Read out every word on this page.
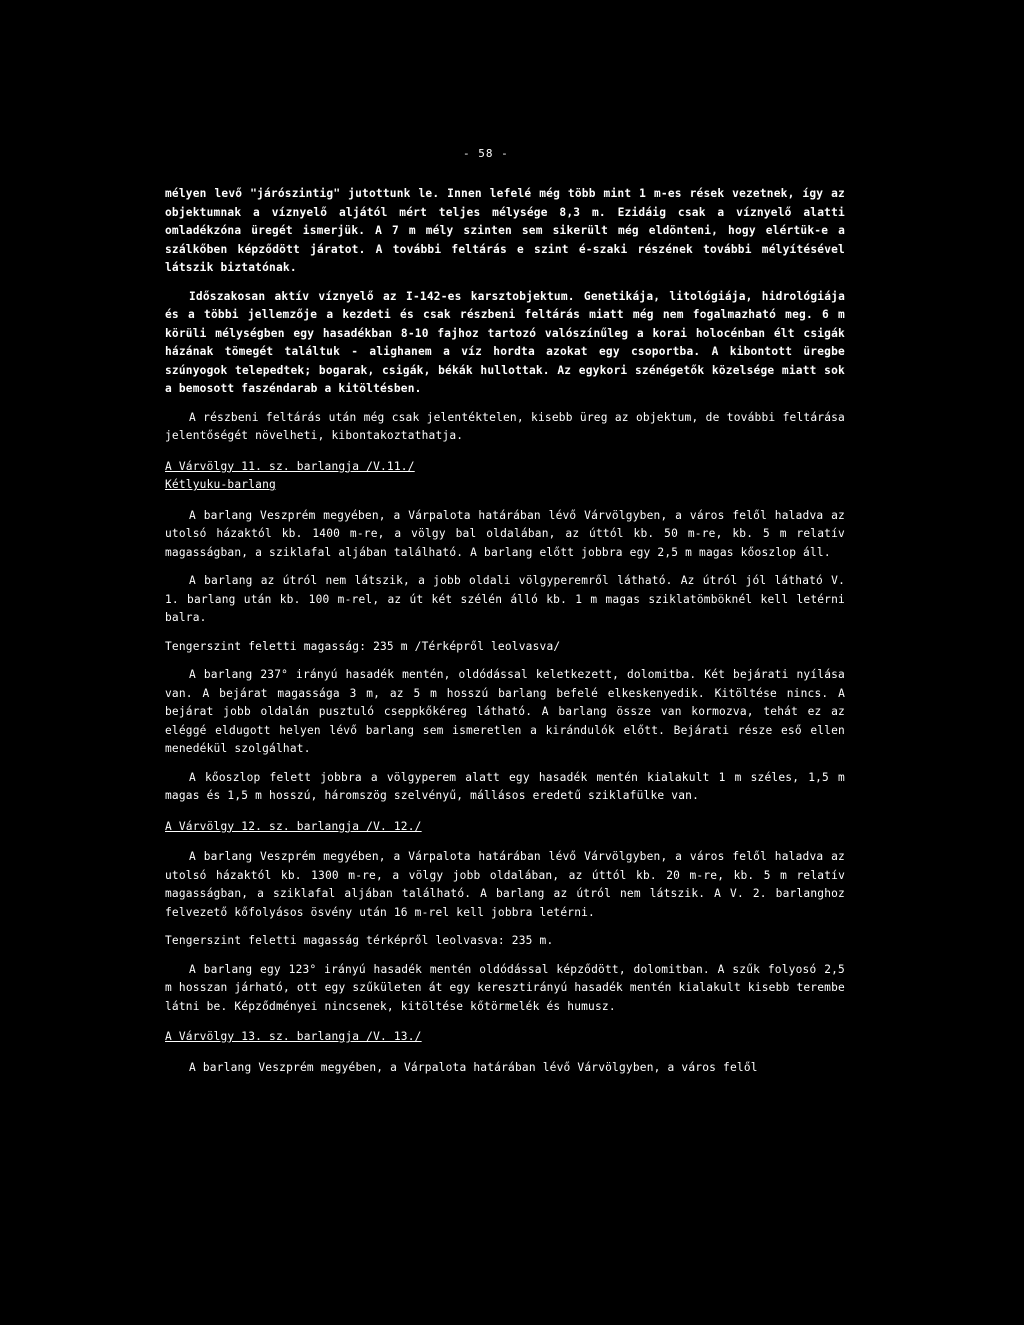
- 58 -

mélyen levő "járószintig" jutottunk le. Innen lefelé még több mint 1 m-es rések vezetnek, így az objektumnak a víznyelő aljától mért teljes mélysége 8,3 m. Ezidáig csak a víznyelő alatti omladékzóna üregét ismerjük. A 7 m mély szinten sem sikerült még eldönteni, hogy elértük-e a szálkőben képződött járatot. A további feltárás e szint é-szaki részének további mélyítésével látszik biztatónak.

Időszakosan aktív víznyelő az I-142-es karsztobjektum. Genetikája, litológiája, hidrológiája és a többi jellemzője a kezdeti és csak részbeni feltárás miatt még nem fogalmazható meg. 6 m körüli mélységben egy hasadékban 8-10 fajhoz tartozó valószínűleg a korai holocénban élt csigák házának tömegét találtuk - alighanem a víz hordta azokat egy csoportba. A kibontott üregbe szúnyogok telepedtek; bogarak, csigák, békák hullottak. Az egykori szénégetők közelsége miatt sok a bemosott faszéndarab a kitöltésben.

A részbeni feltárás után még csak jelentéktelen, kisebb üreg az objektum, de további feltárása jelentőségét növelheti, kibontakoztathatja.

A Várvölgy 11. sz. barlangja /V.11./

Kétlyuku-barlang

A barlang Veszprém megyében, a Várpalota határában lévő Várvölgyben, a város felől haladva az utolsó házaktól kb. 1400 m-re, a völgy bal oldalában, az úttól kb. 50 m-re, kb. 5 m relatív magasságban, a sziklafal aljában található. A barlang előtt jobbra egy 2,5 m magas kőoszlop áll.

A barlang az útról nem látszik, a jobb oldali völgyperemről látható. Az útról jól látható V. 1. barlang után kb. 100 m-rel, az út két szélén álló kb. 1 m magas sziklatömböknél kell letérni balra.

Tengerszint feletti magasság: 235 m /Térképről leolvasva/

A barlang 237° irányú hasadék mentén, oldódással keletkezett, dolomitba. Két bejárati nyílása van. A bejárat magassága 3 m, az 5 m hosszú barlang befelé elkeskenyedik. Kitöltése nincs. A bejárat jobb oldalán pusztuló cseppkőkéreg látható. A barlang össze van kormozva, tehát ez az eléggé eldugott helyen lévő barlang sem ismeretlen a kirándulók előtt. Bejárati része eső ellen menedékül szolgálhat.

A kőoszlop felett jobbra a völgyperem alatt egy hasadék mentén kialakult 1 m széles, 1,5 m magas és 1,5 m hosszú, háromszög szelvényű, mállásos eredetű sziklafülke van.

A Várvölgy 12. sz. barlangja /V. 12./

A barlang Veszprém megyében, a Várpalota határában lévő Várvölgyben, a város felől haladva az utolsó házaktól kb. 1300 m-re, a völgy jobb oldalában, az úttól kb. 20 m-re, kb. 5 m relatív magasságban, a sziklafal aljában található. A barlang az útról nem látszik. A V. 2. barlanghoz felvezető kőfolyásos ösvény után 16 m-rel kell jobbra letérni.

Tengerszint feletti magasság térképről leolvasva: 235 m.

A barlang egy 123° irányú hasadék mentén oldódással képződött, dolomitban. A szűk folyosó 2,5 m hosszan járható, ott egy szűkületen át egy keresztirányú hasadék mentén kialakult kisebb terembe látni be. Képződményei nincsenek, kitöltése kőtörmelék és humusz.

A Várvölgy 13. sz. barlangja /V. 13./

A barlang Veszprém megyében, a Várpalota határában lévő Várvölgyben, a város felől
